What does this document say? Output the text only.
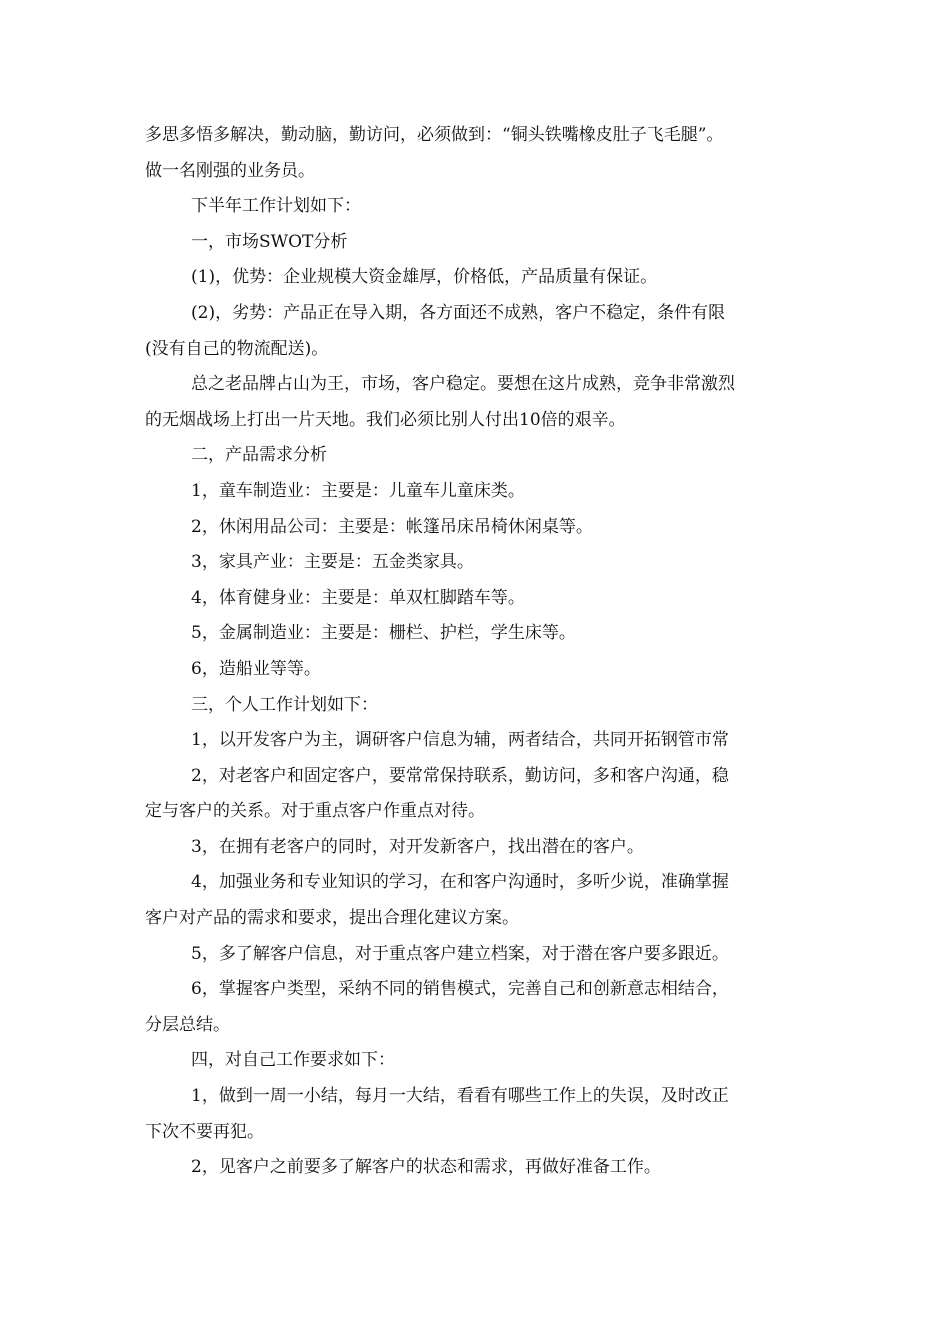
多思多悟多解决，勤动脑，勤访问，必须做到：“铜头铁嘴橡皮肚子飞毛腿”。
做一名刚强的业务员。
下半年工作计划如下：
一，市场SWOT分析
(1)，优势：企业规模大资金雄厚，价格低，产品质量有保证。
(2)，劣势：产品正在导入期，各方面还不成熟，客户不稳定，条件有限
(没有自己的物流配送)。
总之老品牌占山为王，市场，客户稳定。要想在这片成熟，竞争非常激烈
的无烟战场上打出一片天地。我们必须比别人付出10倍的艰辛。
二，产品需求分析
1，童车制造业：主要是：儿童车儿童床类。
2，休闲用品公司：主要是：帐篷吊床吊椅休闲桌等。
3，家具产业：主要是：五金类家具。
4，体育健身业：主要是：单双杠脚踏车等。
5，金属制造业：主要是：栅栏、护栏，学生床等。
6，造船业等等。
三，个人工作计划如下：
1，以开发客户为主，调研客户信息为辅，两者结合，共同开拓钢管市常
2，对老客户和固定客户，要常常保持联系，勤访问，多和客户沟通，稳
定与客户的关系。对于重点客户作重点对待。
3，在拥有老客户的同时，对开发新客户，找出潜在的客户。
4，加强业务和专业知识的学习，在和客户沟通时，多听少说，准确掌握
客户对产品的需求和要求，提出合理化建议方案。
5，多了解客户信息，对于重点客户建立档案，对于潜在客户要多跟近。
6，掌握客户类型，采纳不同的销售模式，完善自己和创新意志相结合，
分层总结。
四，对自己工作要求如下：
1，做到一周一小结，每月一大结，看看有哪些工作上的失误，及时改正
下次不要再犯。
2，见客户之前要多了解客户的状态和需求，再做好准备工作。
